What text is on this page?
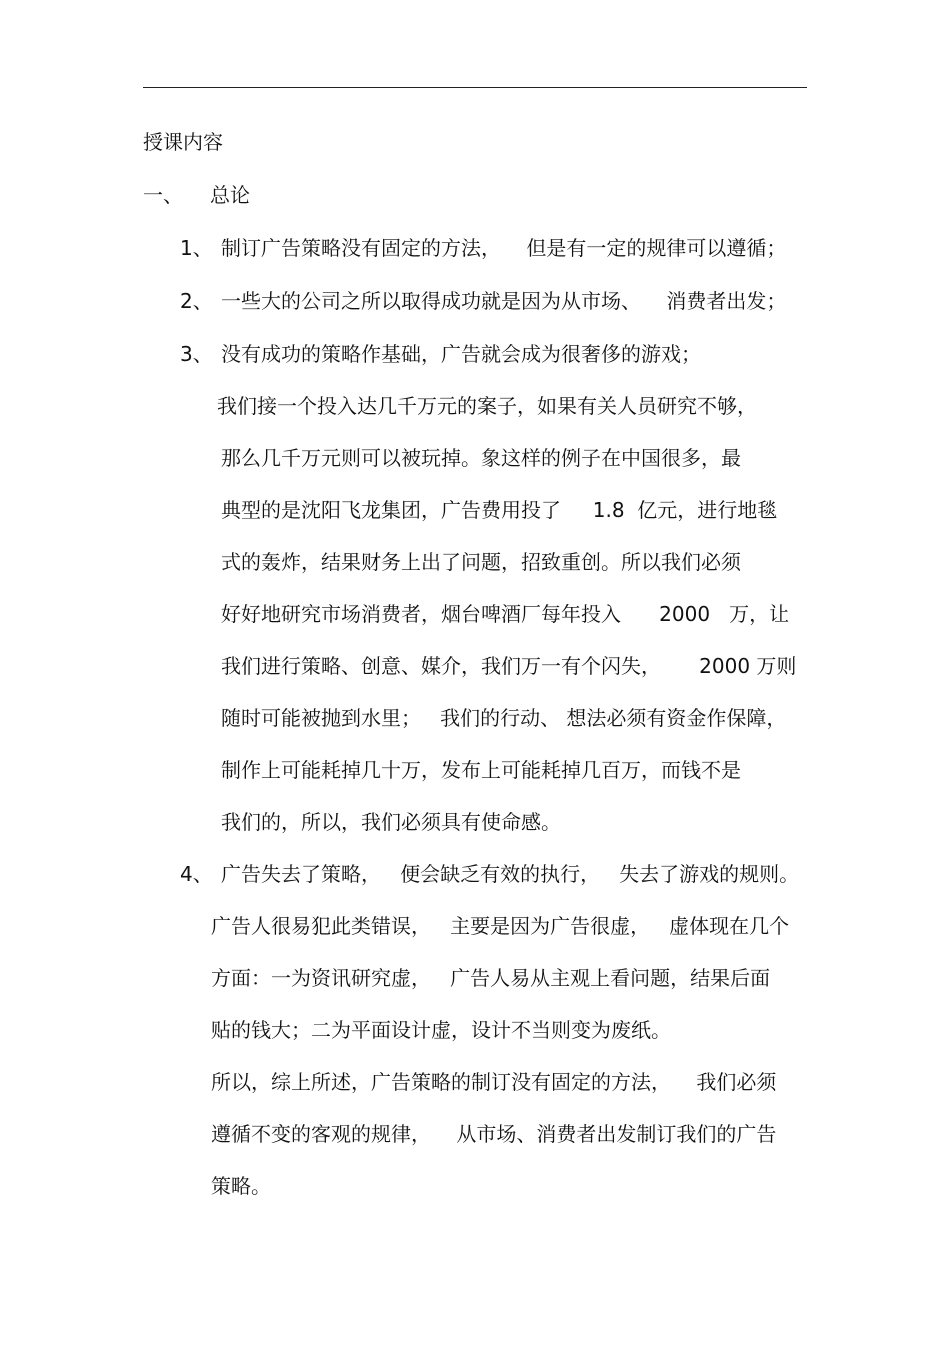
授课内容
一、 总论
1、 制订广告策略没有固定的方法，    但是有一定的规律可以遵循；
2、 一些大的公司之所以取得成功就是因为从市场、    消费者出发；
3、 没有成功的策略作基础，广告就会成为很奢侈的游戏；
我们接一个投入达几千万元的案子，如果有关人员研究不够，
那么几千万元则可以被玩掉。象这样的例子在中国很多，最
典型的是沈阳飞龙集团，广告费用投了     1.8  亿元，进行地毯
式的轰炸，结果财务上出了问题，招致重创。所以我们必须
好好地研究市场消费者，烟台啤酒厂每年投入      2000   万，让
我们进行策略、创意、媒介，我们万一有个闪失，      2000 万则
随时可能被抛到水里；   我们的行动、 想法必须有资金作保障，
制作上可能耗掉几十万，发布上可能耗掉几百万，而钱不是
我们的，所以，我们必须具有使命感。
4、 广告失去了策略，   便会缺乏有效的执行，   失去了游戏的规则。
广告人很易犯此类错误，   主要是因为广告很虚，   虚体现在几个
方面：一为资讯研究虚，   广告人易从主观上看问题，结果后面
贴的钱大；二为平面设计虚，设计不当则变为废纸。
所以，综上所述，广告策略的制订没有固定的方法，    我们必须
遵循不变的客观的规律，    从市场、消费者出发制订我们的广告
策略。
